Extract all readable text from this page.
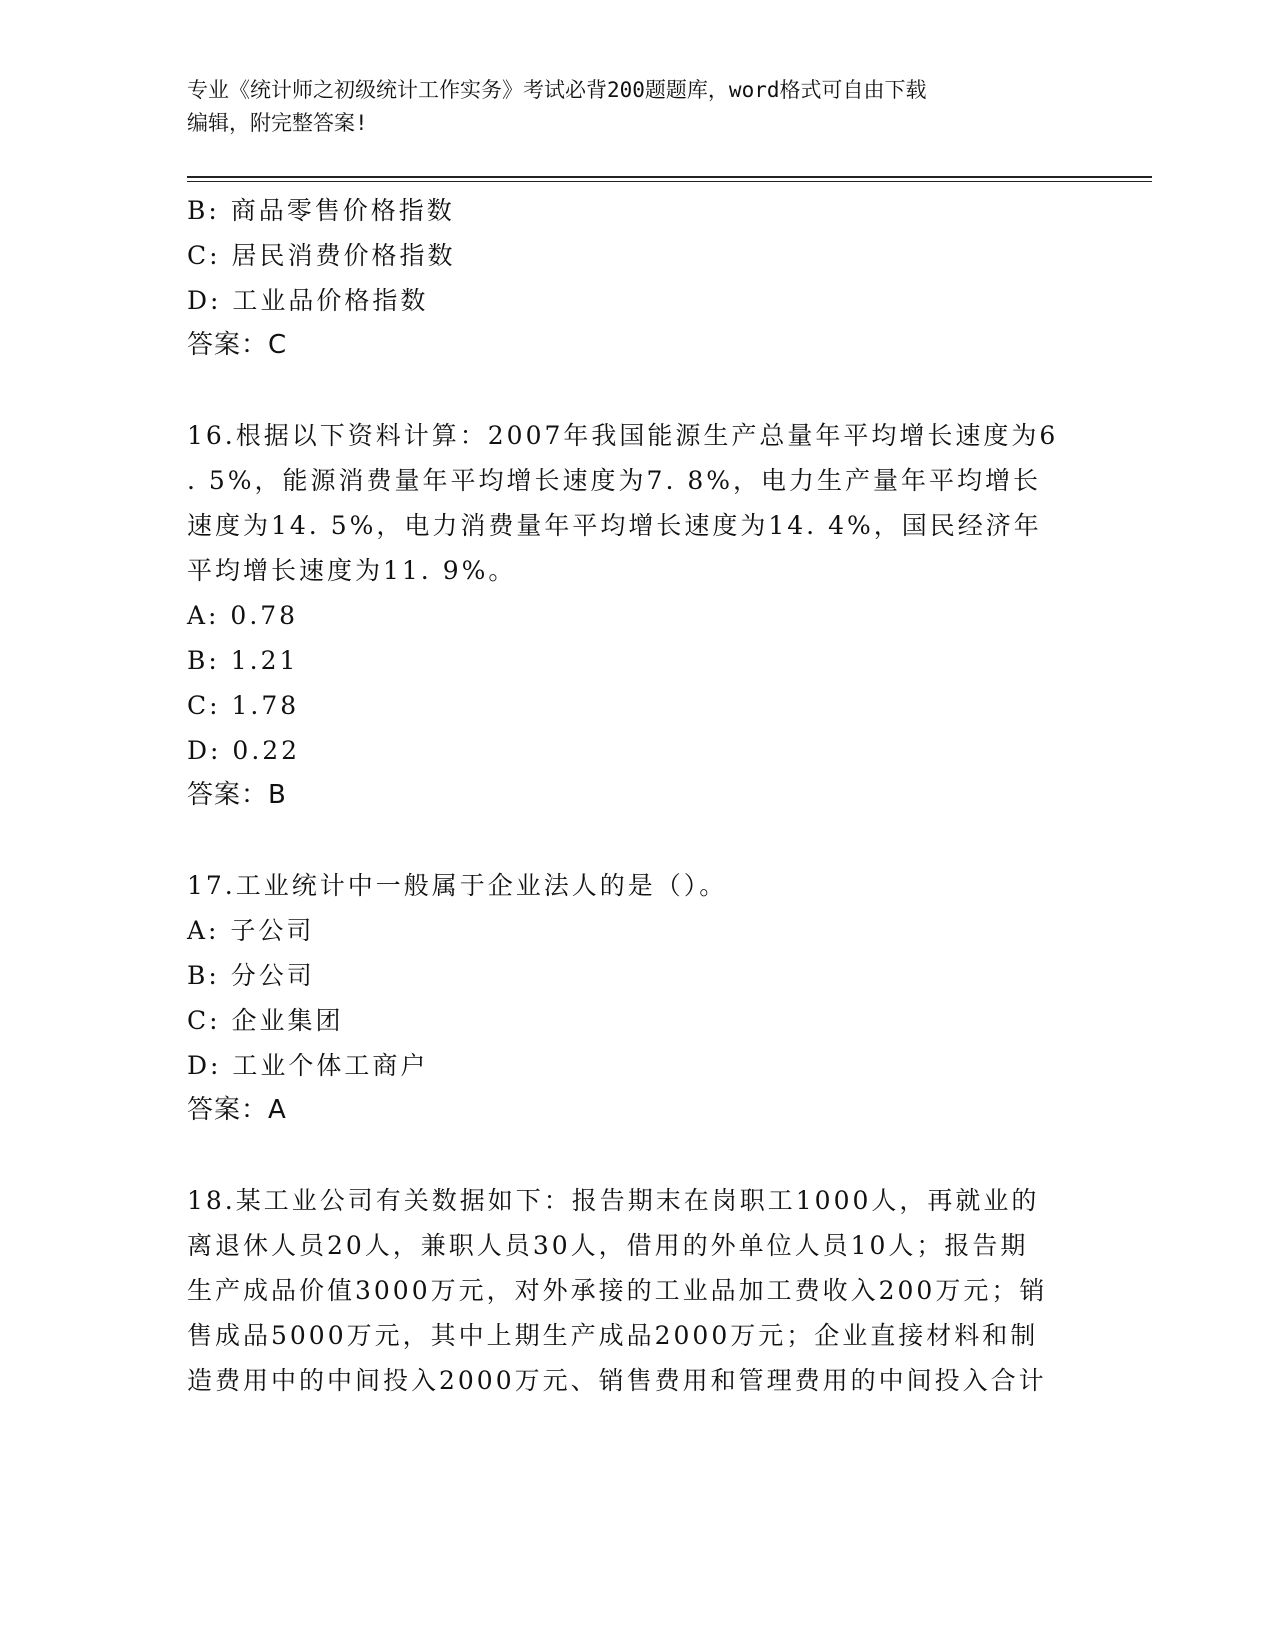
专业《统计师之初级统计工作实务》考试必背200题题库，word格式可自由下载
编辑，附完整答案!
B: 商品零售价格指数
C: 居民消费价格指数
D: 工业品价格指数
答案：C
16.根据以下资料计算：2007年我国能源生产总量年平均增长速度为6
. 5%，能源消费量年平均增长速度为7. 8%，电力生产量年平均增长
速度为14. 5%，电力消费量年平均增长速度为14. 4%，国民经济年
平均增长速度为11. 9%。
A: 0.78
B: 1.21
C: 1.78
D: 0.22
答案：B
17.工业统计中一般属于企业法人的是（）。
A: 子公司
B: 分公司
C: 企业集团
D: 工业个体工商户
答案：A
18.某工业公司有关数据如下：报告期末在岗职工1000人，再就业的
离退休人员20人，兼职人员30人，借用的外单位人员10人；报告期
生产成品价值3000万元，对外承接的工业品加工费收入200万元；销
售成品5000万元，其中上期生产成品2000万元；企业直接材料和制
造费用中的中间投入2000万元、销售费用和管理费用的中间投入合计
